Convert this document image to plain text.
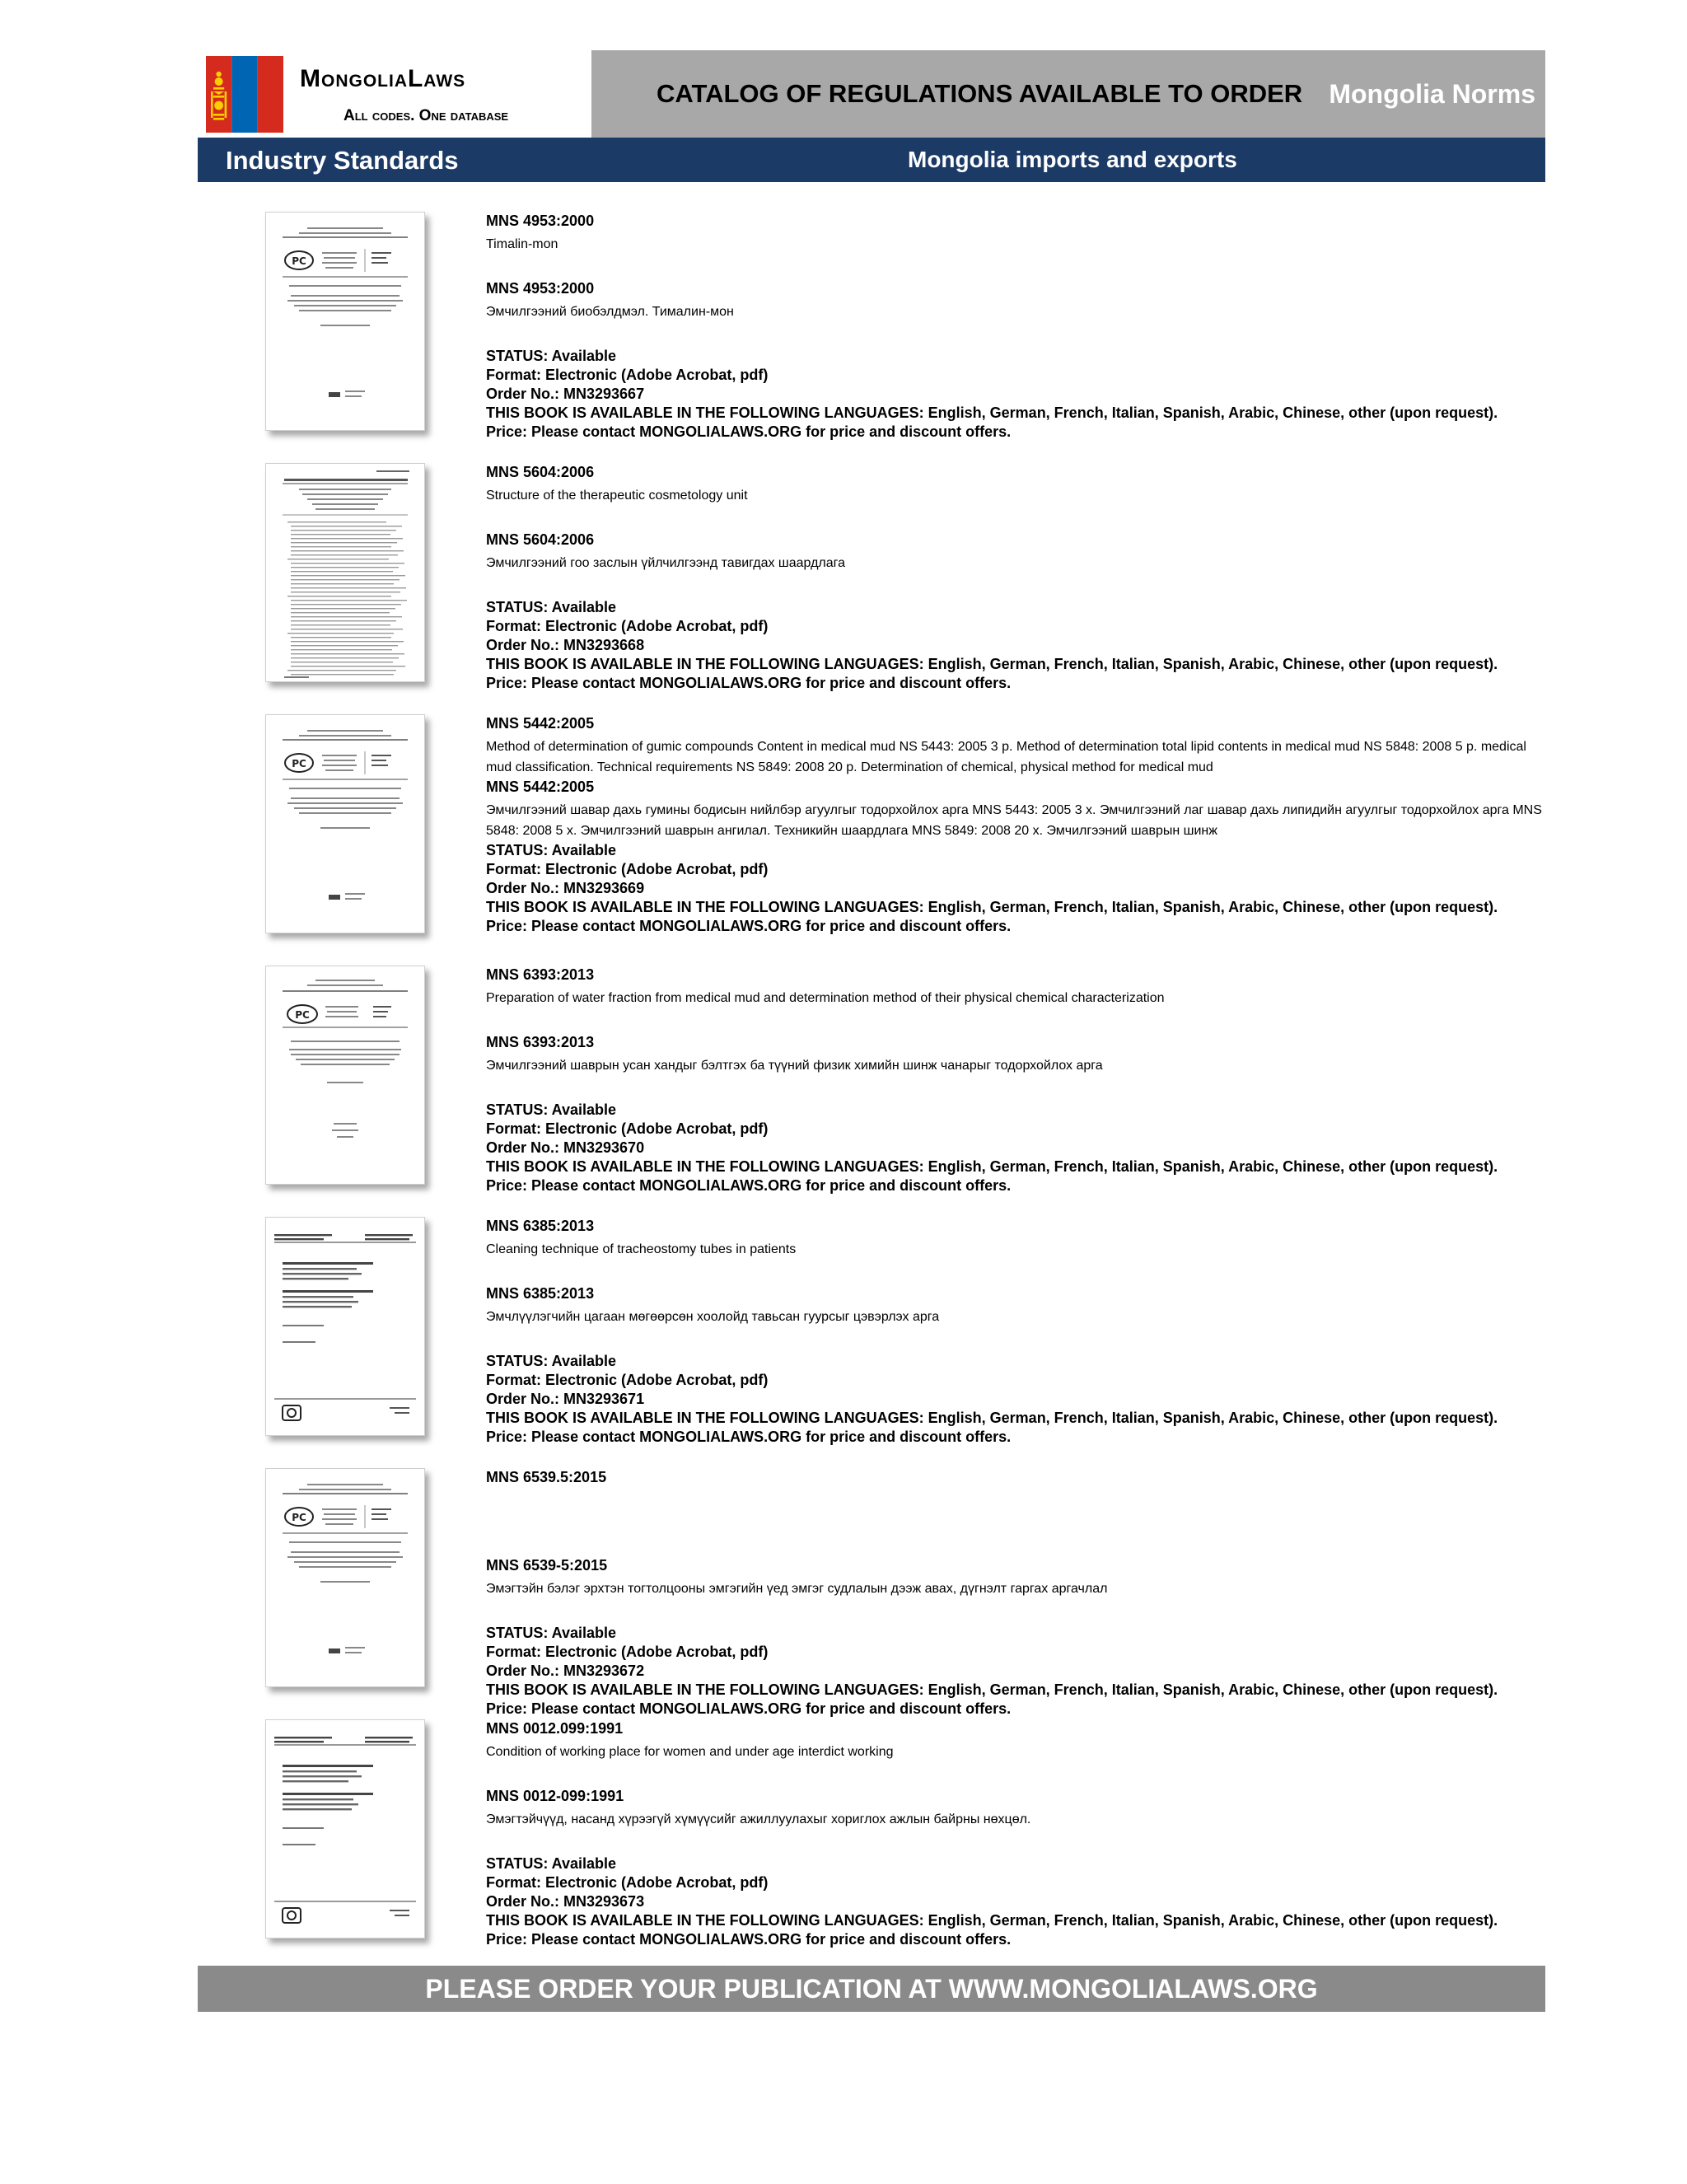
MongoliaLaws
All codes. One database
CATALOG OF REGULATIONS AVAILABLE TO ORDER Mongolia Norms
Industry Standards	Mongolia imports and exports
РС
MNS 4953:2000
Timalin-mon
MNS 4953:2000
Эмчилгээний биобэлдмэл. Тималин-мон
STATUS: Available
Format: Electronic (Adobe Acrobat, pdf)
Order No.: MN3293667
THIS BOOK IS AVAILABLE IN THE FOLLOWING LANGUAGES: English, German, French, Italian, Spanish, Arabic, Chinese, other (upon request).
Price: Please contact MONGOLIALAWS.ORG for price and discount offers.
MNS 5604:2006
Structure of the therapeutic cosmetology unit
MNS 5604:2006
Эмчилгээний гоо заслын үйлчилгээнд тавигдах шаардлага
STATUS: Available
Format: Electronic (Adobe Acrobat, pdf)
Order No.: MN3293668
THIS BOOK IS AVAILABLE IN THE FOLLOWING LANGUAGES: English, German, French, Italian, Spanish, Arabic, Chinese, other (upon request).
Price: Please contact MONGOLIALAWS.ORG for price and discount offers.
РС
MNS 5442:2005
Method of determination of gumic compounds Content in medical mud NS 5443: 2005 3 p. Method of determination total lipid contents in medical mud NS 5848: 2008 5 p. medical mud classification. Technical requirements NS 5849: 2008 20 p. Determination of chemical, physical method for medical mud
MNS 5442:2005
Эмчилгээний шавар дахь гумины бодисын нийлбэр агуулгыг тодорхойлох арга MNS 5443: 2005 3 х. Эмчилгээний лаг шавар дахь липидийн агуулгыг тодорхойлох арга MNS 5848: 2008 5 х. Эмчилгээний шаврын ангилал. Техникийн шаардлага MNS 5849: 2008 20 х. Эмчилгээний шаврын шинж
STATUS: Available
Format: Electronic (Adobe Acrobat, pdf)
Order No.: MN3293669
THIS BOOK IS AVAILABLE IN THE FOLLOWING LANGUAGES: English, German, French, Italian, Spanish, Arabic, Chinese, other (upon request).
Price: Please contact MONGOLIALAWS.ORG for price and discount offers.
РС
MNS 6393:2013
Preparation of water fraction from medical mud and determination method of their physical chemical characterization
MNS 6393:2013
Эмчилгээний шаврын усан хандыг бэлтгэх ба түүний физик химийн шинж чанарыг тодорхойлох арга
STATUS: Available
Format: Electronic (Adobe Acrobat, pdf)
Order No.: MN3293670
THIS BOOK IS AVAILABLE IN THE FOLLOWING LANGUAGES: English, German, French, Italian, Spanish, Arabic, Chinese, other (upon request).
Price: Please contact MONGOLIALAWS.ORG for price and discount offers.
MNS 6385:2013
Cleaning technique of tracheostomy tubes in patients
MNS 6385:2013
Эмчлүүлэгчийн цагаан мөгөөрсөн хоолойд тавьсан гуурсыг цэвэрлэх арга
STATUS: Available
Format: Electronic (Adobe Acrobat, pdf)
Order No.: MN3293671
THIS BOOK IS AVAILABLE IN THE FOLLOWING LANGUAGES: English, German, French, Italian, Spanish, Arabic, Chinese, other (upon request).
Price: Please contact MONGOLIALAWS.ORG for price and discount offers.
РС
MNS 6539.5:2015
MNS 6539-5:2015
Эмэгтэйн бэлэг эрхтэн тогтолцооны эмгэгийн үед эмгэг судлалын дээж авах, дүгнэлт гаргах аргачлал
STATUS: Available
Format: Electronic (Adobe Acrobat, pdf)
Order No.: MN3293672
THIS BOOK IS AVAILABLE IN THE FOLLOWING LANGUAGES: English, German, French, Italian, Spanish, Arabic, Chinese, other (upon request).
Price: Please contact MONGOLIALAWS.ORG for price and discount offers.
MNS 0012.099:1991
Condition of working place for women and under age interdict working
MNS 0012-099:1991
Эмэгтэйчүүд, насанд хүрээгүй хүмүүсийг ажиллуулахыг хориглох ажлын байрны нөхцөл.
STATUS: Available
Format: Electronic (Adobe Acrobat, pdf)
Order No.: MN3293673
THIS BOOK IS AVAILABLE IN THE FOLLOWING LANGUAGES: English, German, French, Italian, Spanish, Arabic, Chinese, other (upon request).
Price: Please contact MONGOLIALAWS.ORG for price and discount offers.
PLEASE ORDER YOUR PUBLICATION AT WWW.MONGOLIALAWS.ORG
